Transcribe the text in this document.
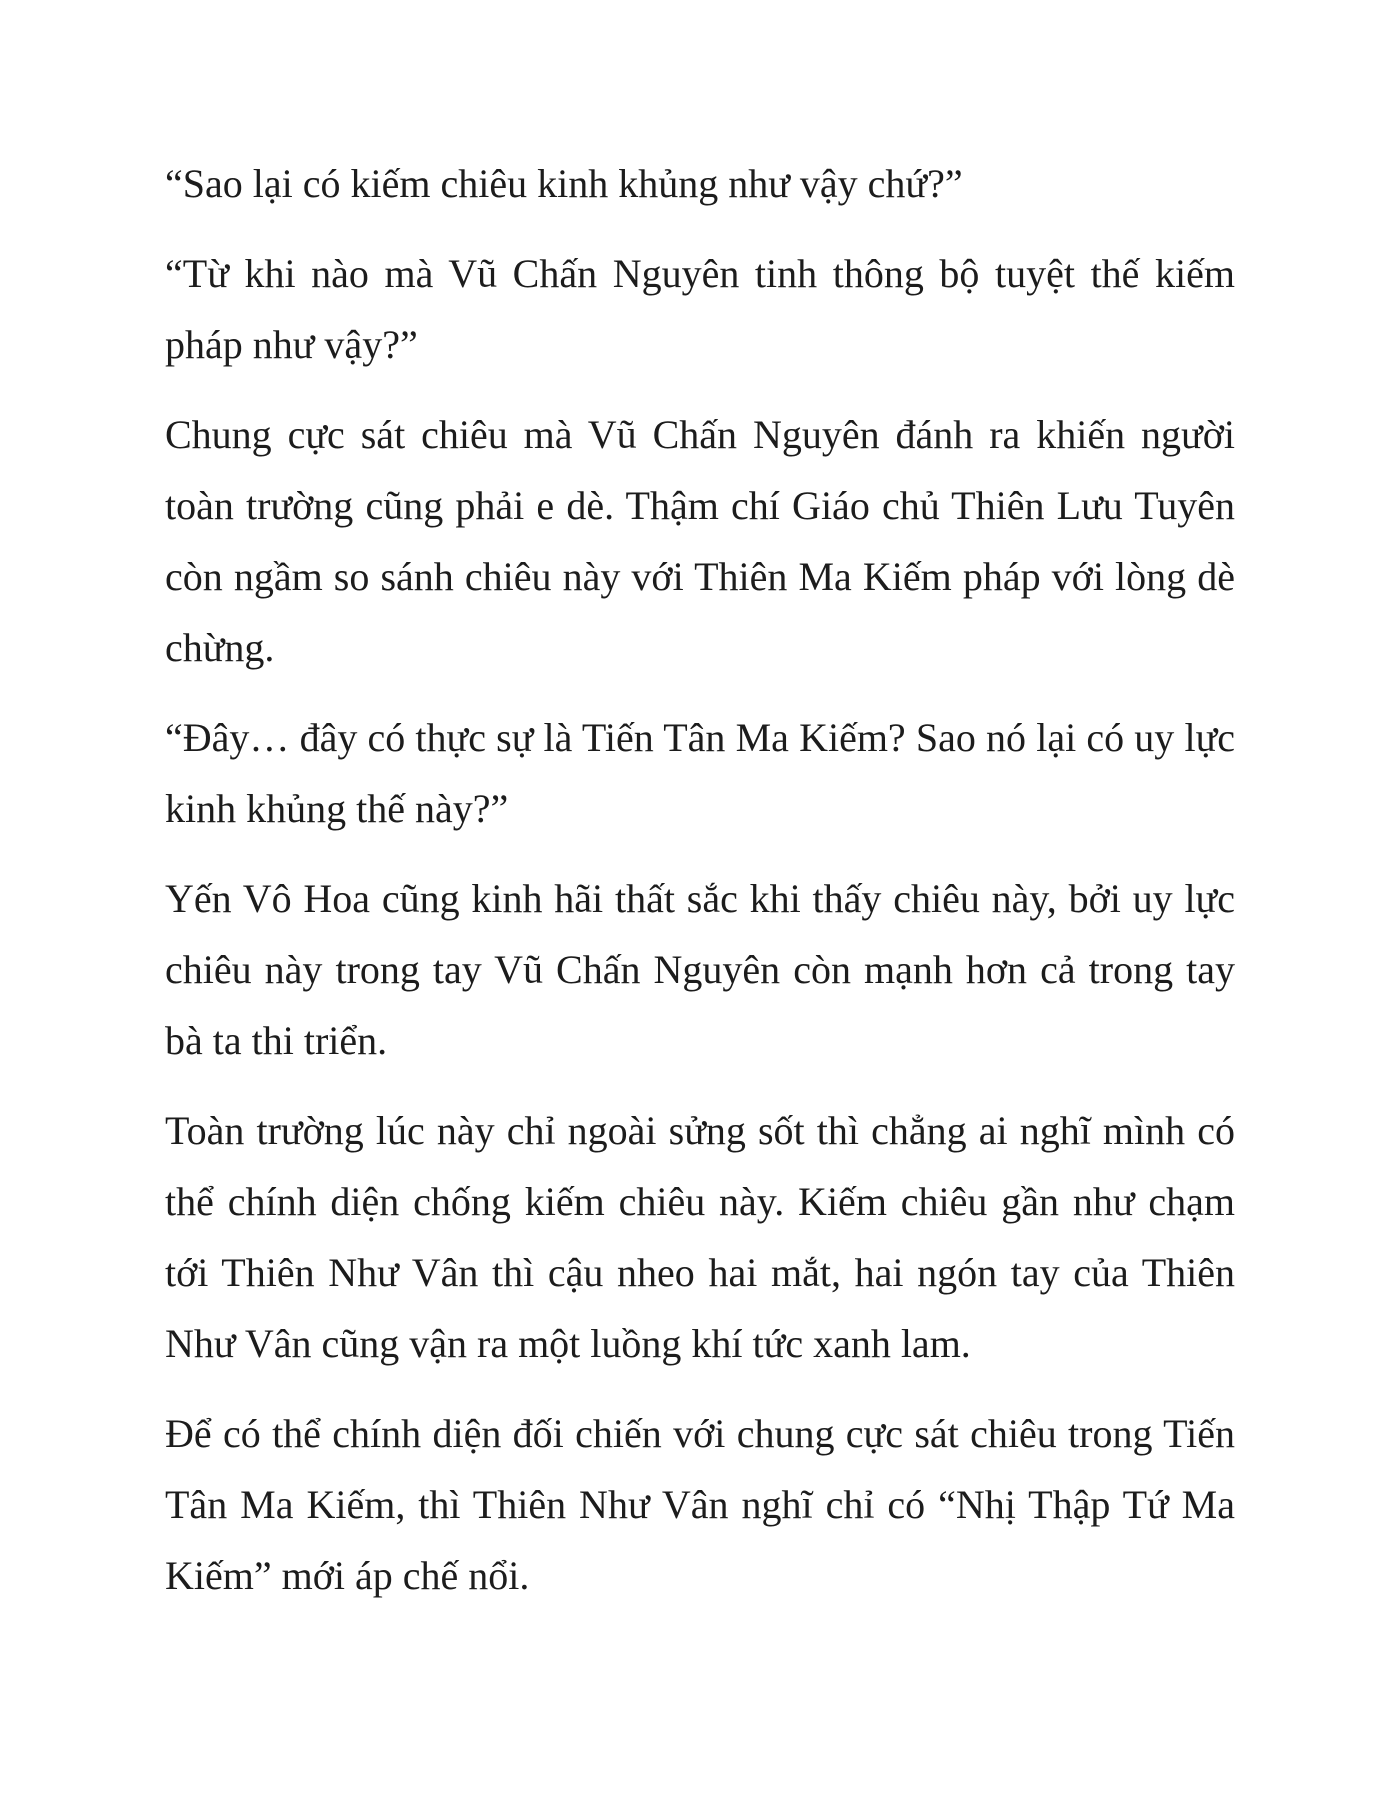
“Sao lại có kiếm chiêu kinh khủng như vậy chứ?”

“Từ khi nào mà Vũ Chấn Nguyên tinh thông bộ tuyệt thế kiếm pháp như vậy?”

Chung cực sát chiêu mà Vũ Chấn Nguyên đánh ra khiến người toàn trường cũng phải e dè. Thậm chí Giáo chủ Thiên Lưu Tuyên còn ngầm so sánh chiêu này với Thiên Ma Kiếm pháp với lòng dè chừng.

“Đây… đây có thực sự là Tiến Tân Ma Kiếm? Sao nó lại có uy lực kinh khủng thế này?”

Yến Vô Hoa cũng kinh hãi thất sắc khi thấy chiêu này, bởi uy lực chiêu này trong tay Vũ Chấn Nguyên còn mạnh hơn cả trong tay bà ta thi triển.

Toàn trường lúc này chỉ ngoài sửng sốt thì chẳng ai nghĩ mình có thể chính diện chống kiếm chiêu này. Kiếm chiêu gần như chạm tới Thiên Như Vân thì cậu nheo hai mắt, hai ngón tay của Thiên Như Vân cũng vận ra một luồng khí tức xanh lam.

Để có thể chính diện đối chiến với chung cực sát chiêu trong Tiến Tân Ma Kiếm, thì Thiên Như Vân nghĩ chỉ có “Nhị Thập Tứ Ma Kiếm” mới áp chế nổi.
